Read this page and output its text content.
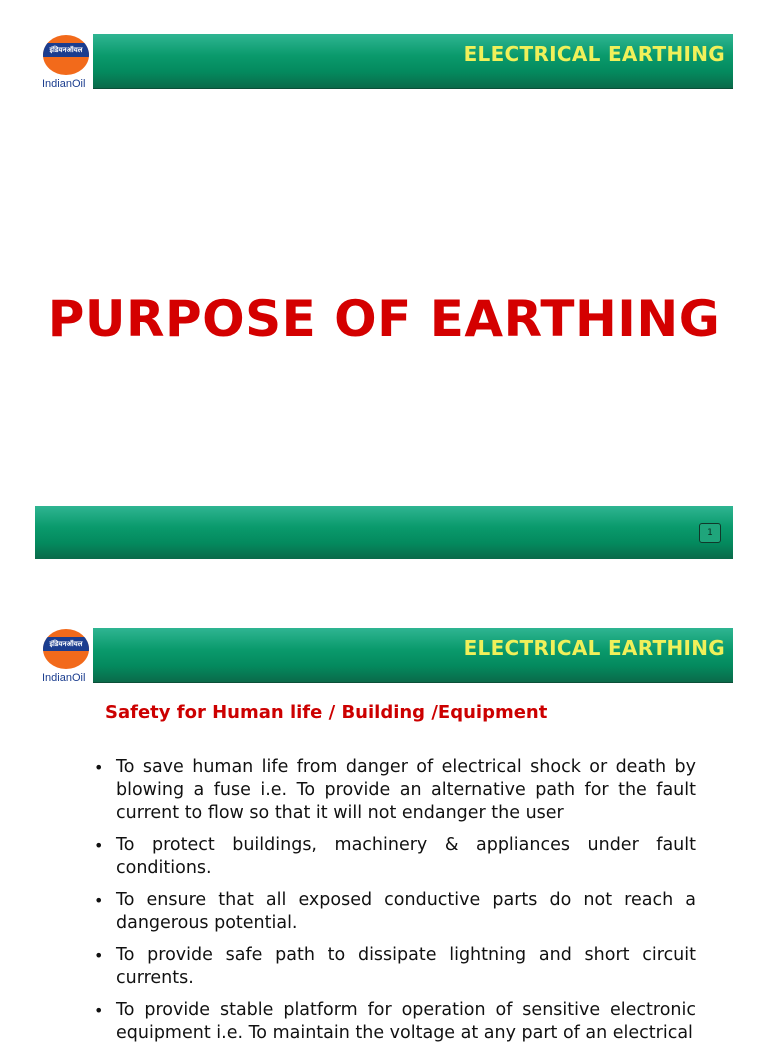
इंडियनऑयल
IndianOil
ELECTRICAL EARTHING
PURPOSE OF EARTHING
1
इंडियनऑयल
IndianOil
ELECTRICAL EARTHING
Safety for Human life / Building /Equipment
• To save human life from danger of electrical shock or death by blowing a fuse i.e. To provide an alternative path for the fault current to flow so that it will not endanger the user
• To protect buildings, machinery & appliances under fault conditions.
• To ensure that all exposed conductive parts do not reach a dangerous potential.
• To provide safe path to dissipate lightning and short circuit currents.
• To provide stable platform for operation of sensitive electronic equipment i.e. To maintain the voltage at any part of an electrical
